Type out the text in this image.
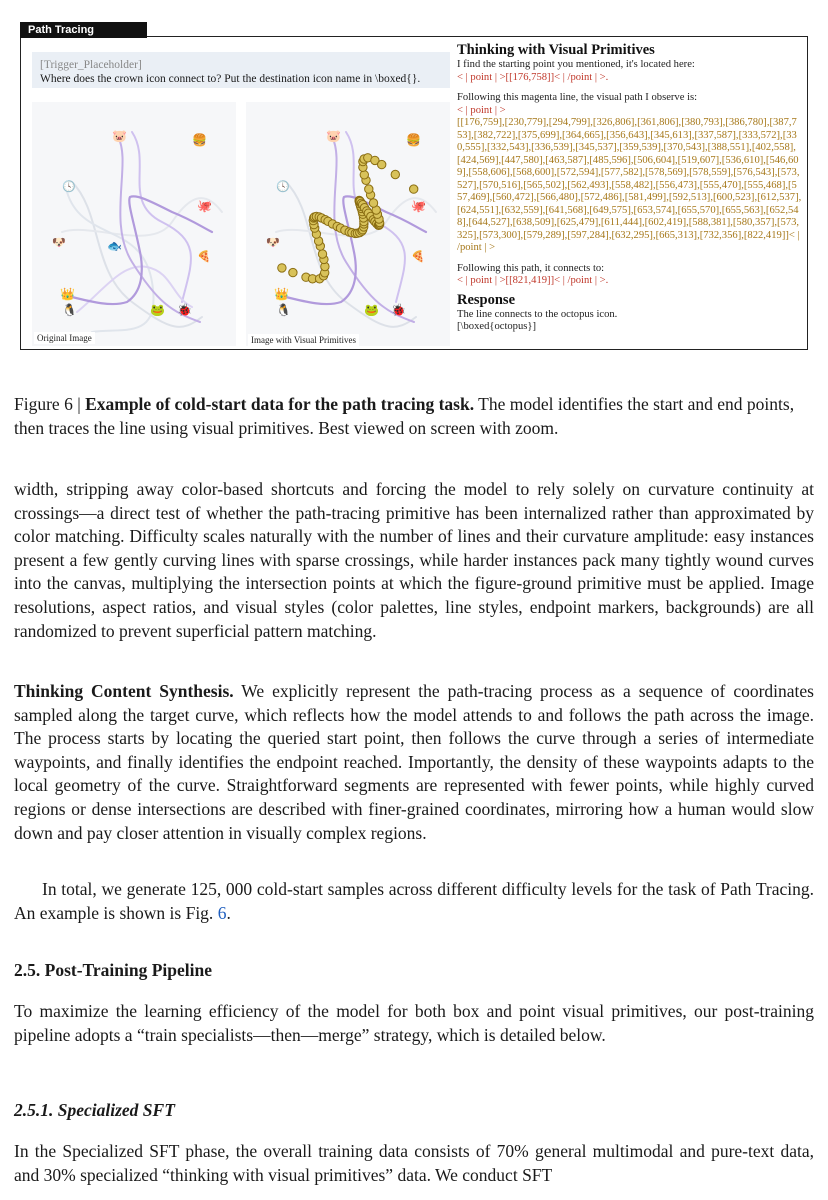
Path Tracing
[Trigger_Placeholder]
Where does the crown icon connect to? Put the destination icon name in \boxed{}.
🐷	🍔
🕓
🐙
🐶	🐟
🍕
👑
🐧	🐸 🐞
Original Image
🐷	🍔
🕓
🐙
🐶
🍕
👑
🐧	🐸 🐞
Image with Visual Primitives
Thinking with Visual Primitives
I find the starting point you mentioned, it's located here:
< | point | >[[176,758]]< | /point | >.
Following this magenta line, the visual path I observe is:
< | point | >
[[176,759],[230,779],[294,799],[326,806],[361,806],[380,793],[386,780],[387,753],[382,722],[375,699],[364,665],[356,643],[345,613],[337,587],[333,572],[330,555],[332,543],[336,539],[345,537],[359,539],[370,543],[388,551],[402,558],[424,569],[447,580],[463,587],[485,596],[506,604],[519,607],[536,610],[546,609],[558,606],[568,600],[572,594],[577,582],[578,569],[578,559],[576,543],[573,527],[570,516],[565,502],[562,493],[558,482],[556,473],[555,470],[555,468],[557,469],[560,472],[566,480],[572,486],[581,499],[592,513],[600,523],[612,537],[624,551],[632,559],[641,568],[649,575],[653,574],[655,570],[655,563],[652,548],[644,527],[638,509],[625,479],[611,444],[602,419],[588,381],[580,357],[573,325],[573,300],[579,289],[597,284],[632,295],[665,313],[732,356],[822,419]]< | /point | >
Following this path, it connects to:
< | point | >[[821,419]]< | /point | >.
Response
The line connects to the octopus icon.
[\boxed{octopus}]
Figure 6 | Example of cold-start data for the path tracing task. The model identifies the start and end points, then traces the line using visual primitives. Best viewed on screen with zoom.

width, stripping away color-based shortcuts and forcing the model to rely solely on curvature continuity at crossings—a direct test of whether the path-tracing primitive has been internalized rather than approximated by color matching. Difficulty scales naturally with the number of lines and their curvature amplitude: easy instances present a few gently curving lines with sparse crossings, while harder instances pack many tightly wound curves into the canvas, multiplying the intersection points at which the figure-ground primitive must be applied. Image resolutions, aspect ratios, and visual styles (color palettes, line styles, endpoint markers, backgrounds) are all randomized to prevent superficial pattern matching.

Thinking Content Synthesis. We explicitly represent the path-tracing process as a sequence of coordinates sampled along the target curve, which reflects how the model attends to and follows the path across the image. The process starts by locating the queried start point, then follows the curve through a series of intermediate waypoints, and finally identifies the endpoint reached. Importantly, the density of these waypoints adapts to the local geometry of the curve. Straightforward segments are represented with fewer points, while highly curved regions or dense intersections are described with finer-grained coordinates, mirroring how a human would slow down and pay closer attention in visually complex regions.

In total, we generate 125, 000 cold-start samples across different difficulty levels for the task of Path Tracing. An example is shown is Fig. 6.

2.5. Post-Training Pipeline

To maximize the learning efficiency of the model for both box and point visual primitives, our post-training pipeline adopts a “train specialists—then—merge” strategy, which is detailed below.

2.5.1. Specialized SFT

In the Specialized SFT phase, the overall training data consists of 70% general multimodal and pure-text data, and 30% specialized “thinking with visual primitives” data. We conduct SFT
